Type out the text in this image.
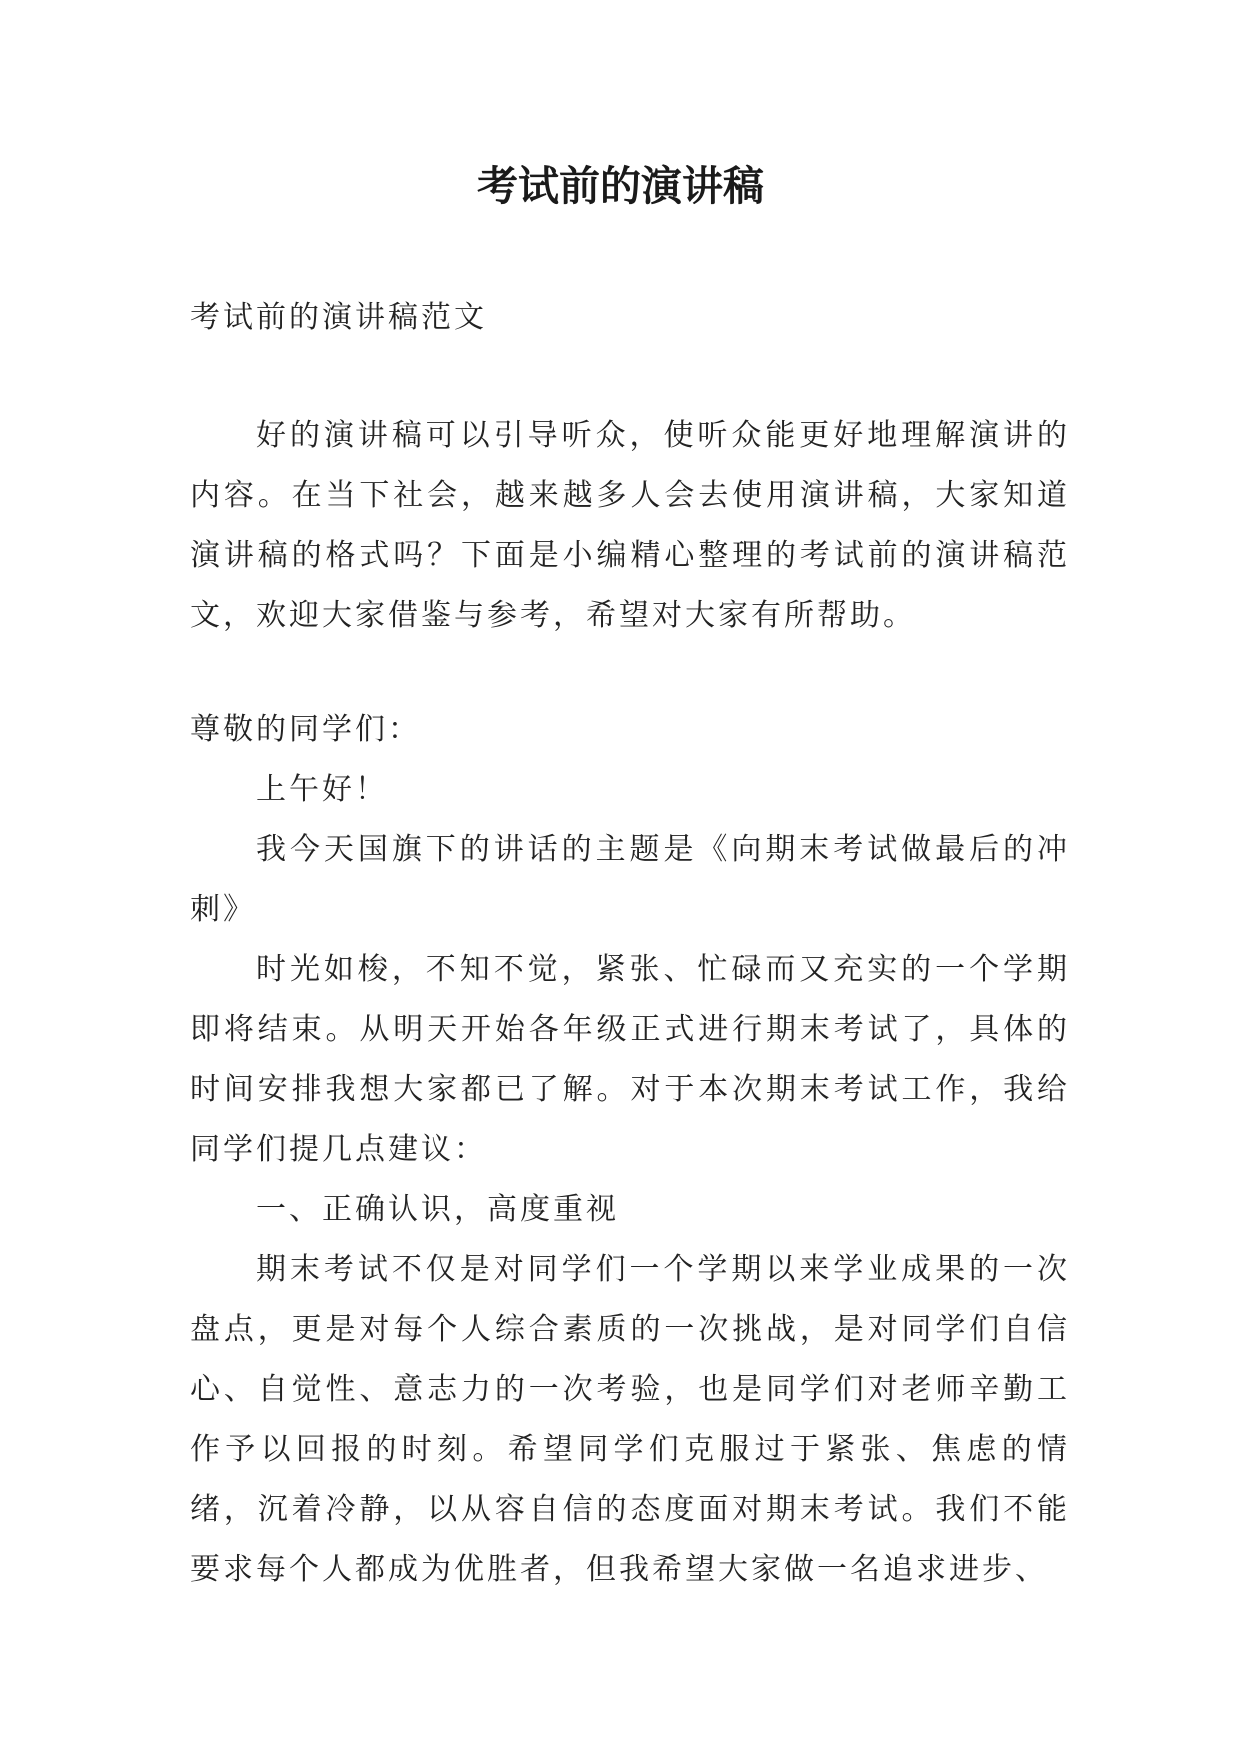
考试前的演讲稿

考试前的演讲稿范文

好的演讲稿可以引导听众，使听众能更好地理解演讲的内容。在当下社会，越来越多人会去使用演讲稿，大家知道演讲稿的格式吗？下面是小编精心整理的考试前的演讲稿范文，欢迎大家借鉴与参考，希望对大家有所帮助。

尊敬的同学们：

上午好！

我今天国旗下的讲话的主题是《向期末考试做最后的冲刺》

时光如梭，不知不觉，紧张、忙碌而又充实的一个学期即将结束。从明天开始各年级正式进行期末考试了，具体的时间安排我想大家都已了解。对于本次期末考试工作，我给同学们提几点建议：

一、正确认识，高度重视

期末考试不仅是对同学们一个学期以来学业成果的一次盘点，更是对每个人综合素质的一次挑战，是对同学们自信心、自觉性、意志力的一次考验，也是同学们对老师辛勤工作予以回报的时刻。希望同学们克服过于紧张、焦虑的情绪，沉着冷静，以从容自信的态度面对期末考试。我们不能要求每个人都成为优胜者，但我希望大家做一名追求进步、
